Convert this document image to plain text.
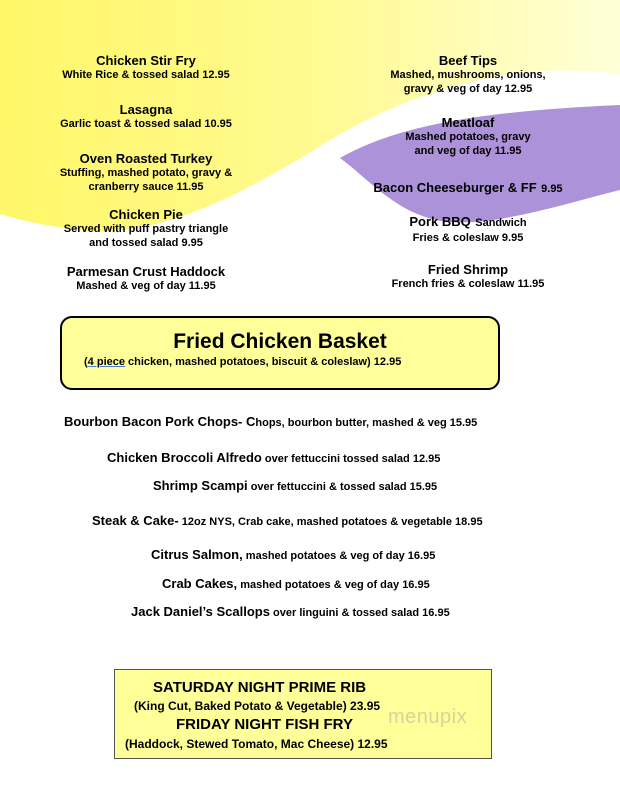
Chicken Stir Fry
White Rice & tossed salad 12.95
Lasagna
Garlic toast & tossed salad 10.95
Oven Roasted Turkey
Stuffing, mashed potato, gravy &
cranberry sauce 11.95
Chicken Pie
Served with puff pastry triangle
and tossed salad 9.95
Parmesan Crust Haddock
Mashed & veg of day 11.95
Beef Tips
Mashed, mushrooms, onions,
gravy & veg of day 12.95
Meatloaf
Mashed potatoes, gravy
and veg of day 11.95
Bacon Cheeseburger & FF 9.95
Pork BBQ Sandwich
Fries & coleslaw 9.95
Fried Shrimp
French fries & coleslaw 11.95
Fried Chicken Basket
(4 piece chicken, mashed potatoes, biscuit & coleslaw) 12.95
Bourbon Bacon Pork Chops- Chops, bourbon butter, mashed & veg 15.95
Chicken Broccoli Alfredo over fettuccini tossed salad 12.95
Shrimp Scampi over fettuccini & tossed salad 15.95
Steak & Cake- 12oz NYS, Crab cake, mashed potatoes & vegetable 18.95
Citrus Salmon, mashed potatoes & veg of day 16.95
Crab Cakes, mashed potatoes & veg of day 16.95
Jack Daniel’s Scallops over linguini & tossed salad 16.95
SATURDAY NIGHT PRIME RIB
(King Cut, Baked Potato & Vegetable) 23.95
FRIDAY NIGHT FISH FRY
(Haddock, Stewed Tomato, Mac Cheese) 12.95
menupix
